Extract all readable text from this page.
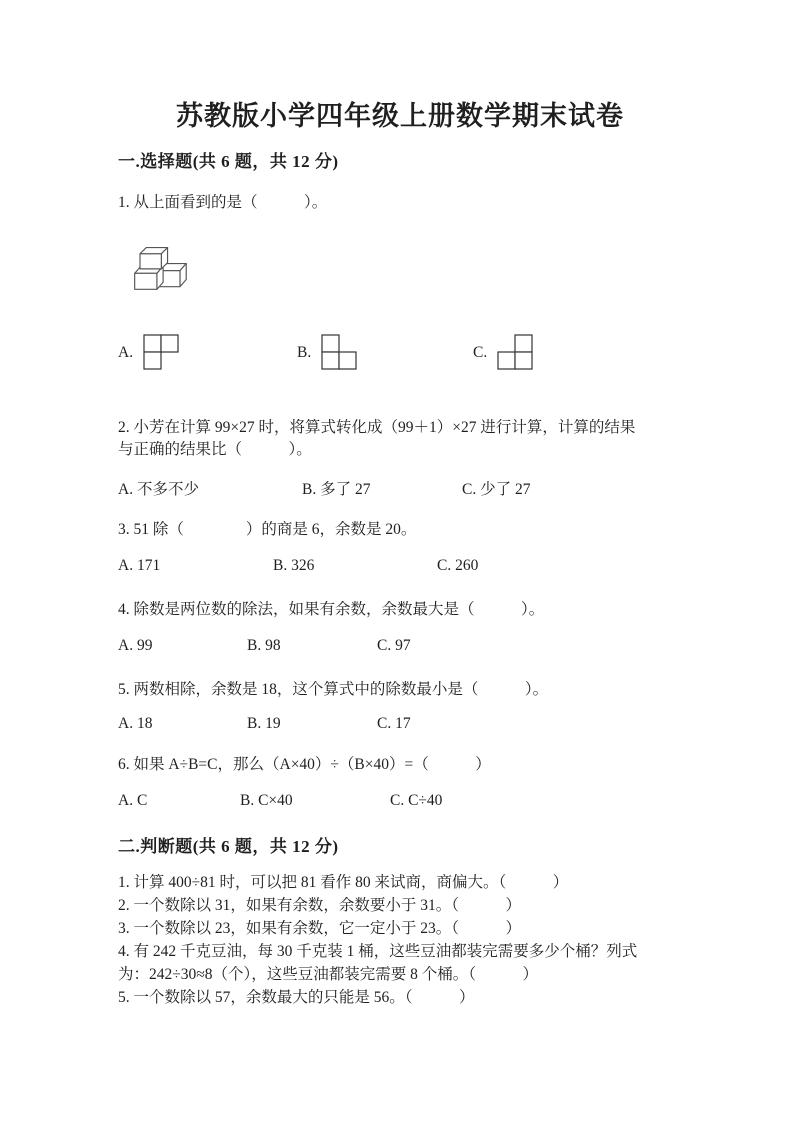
苏教版小学四年级上册数学期末试卷
一.选择题(共 6 题，共 12 分)
1. 从上面看到的是（　　　）。
A.	B.	C.
2. 小芳在计算 99×27 时，将算式转化成（99＋1）×27 进行计算，计算的结果
与正确的结果比（　　　）。
A. 不多不少	B. 多了 27	C. 少了 27
3. 51 除（　　　　）的商是 6，余数是 20。
A. 171	B. 326	C. 260
4. 除数是两位数的除法，如果有余数，余数最大是（　　　）。
A. 99	B. 98	C. 97
5. 两数相除，余数是 18，这个算式中的除数最小是（　　　）。
A. 18	B. 19	C. 17
6. 如果 A÷B=C，那么（A×40）÷（B×40）=（　　　）
A. C	B. C×40	C. C÷40
二.判断题(共 6 题，共 12 分)
1. 计算 400÷81 时，可以把 81 看作 80 来试商，商偏大。（　　　）
2. 一个数除以 31，如果有余数，余数要小于 31。（　　　）
3. 一个数除以 23，如果有余数，它一定小于 23。（　　　）
4. 有 242 千克豆油，每 30 千克装 1 桶，这些豆油都装完需要多少个桶？列式
为：242÷30≈8（个），这些豆油都装完需要 8 个桶。（　　　）
5. 一个数除以 57，余数最大的只能是 56。（　　　）
